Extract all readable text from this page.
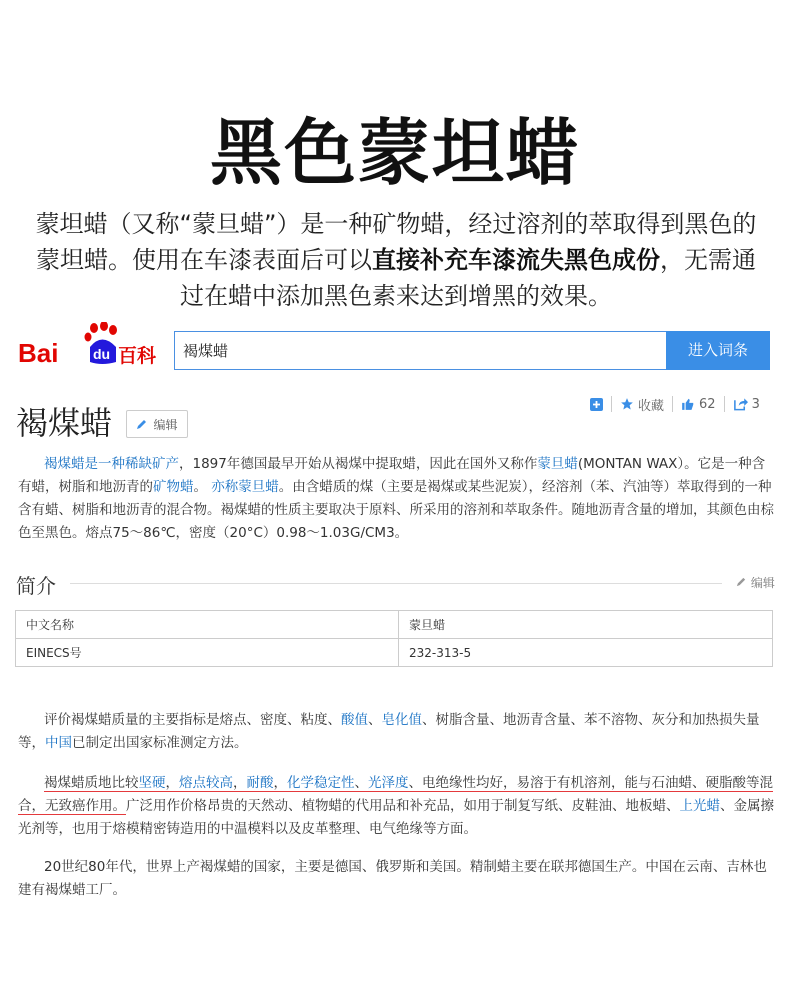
黑色蒙坦蜡
蒙坦蜡（又称“蒙旦蜡”）是一种矿物蜡，经过溶剂的萃取得到黑色的蒙坦蜡。使用在车漆表面后可以直接补充车漆流失黑色成份，无需通过在蜡中添加黑色素来达到增黑的效果。
Bai du 百科
褐煤蜡	进入词条
收藏	62	3
褐煤蜡	编辑
褐煤蜡是一种稀缺矿产，1897年德国最早开始从褐煤中提取蜡，因此在国外又称作蒙旦蜡(MONTAN WAX）。它是一种含有蜡，树脂和地沥青的矿物蜡。 亦称蒙旦蜡。由含蜡质的煤（主要是褐煤或某些泥炭），经溶剂（苯、汽油等）萃取得到的一种含有蜡、树脂和地沥青的混合物。褐煤蜡的性质主要取决于原料、所采用的溶剂和萃取条件。随地沥青含量的增加，其颜色由棕色至黑色。熔点75～86℃，密度（20°C）0.98～1.03G/CM3。
简介	编辑
中文名称	蒙旦蜡
EINECS号	232-313-5
评价褐煤蜡质量的主要指标是熔点、密度、粘度、酸值、皂化值、树脂含量、地沥青含量、苯不溶物、灰分和加热损失量等，中国已制定出国家标准测定方法。
褐煤蜡质地比较坚硬，熔点较高，耐酸，化学稳定性、光泽度、电绝缘性均好，易溶于有机溶剂，能与石油蜡、硬脂酸等混合，无致癌作用。广泛用作价格昂贵的天然动、植物蜡的代用品和补充品，如用于制复写纸、皮鞋油、地板蜡、上光蜡、金属擦光剂等，也用于熔模精密铸造用的中温模料以及皮革整理、电气绝缘等方面。
20世纪80年代，世界上产褐煤蜡的国家，主要是德国、俄罗斯和美国。精制蜡主要在联邦德国生产。中国在云南、吉林也建有褐煤蜡工厂。
